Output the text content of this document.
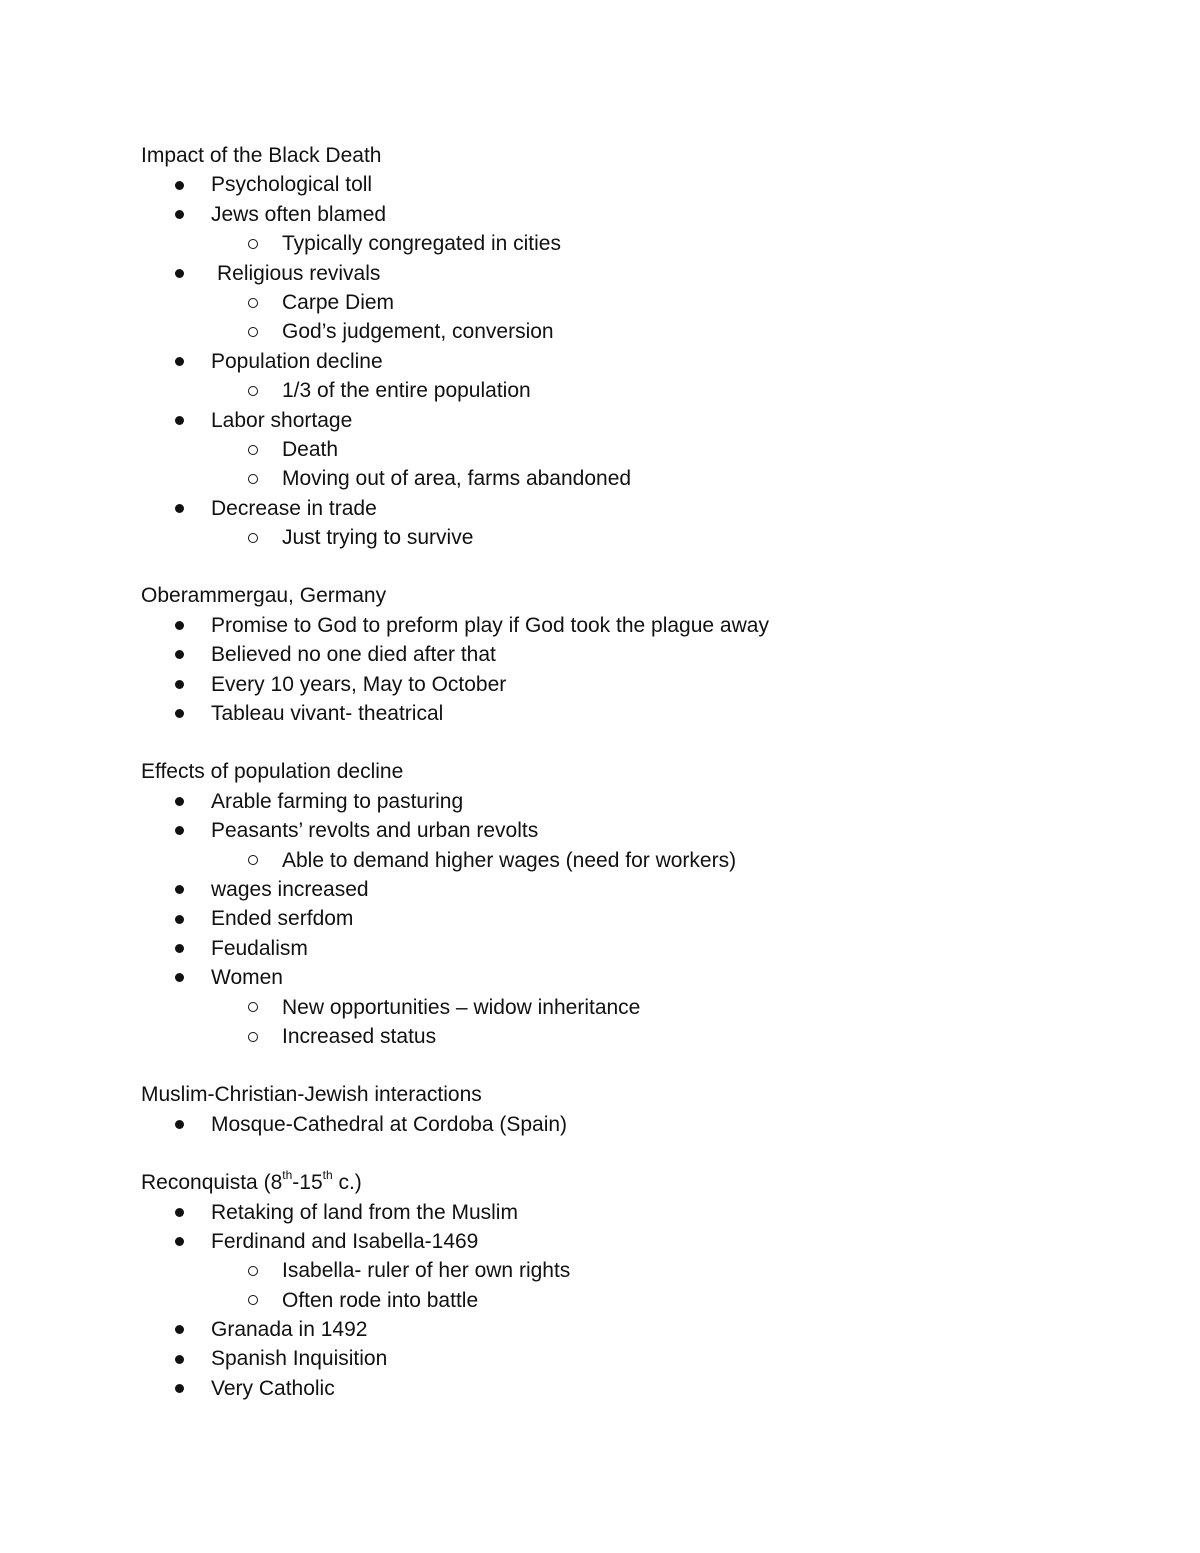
Impact of the Black Death
Psychological toll
Jews often blamed
Typically congregated in cities
Religious revivals
Carpe Diem
God’s judgement, conversion
Population decline
1/3 of the entire population
Labor shortage
Death
Moving out of area, farms abandoned
Decrease in trade
Just trying to survive
Oberammergau, Germany
Promise to God to preform play if God took the plague away
Believed no one died after that
Every 10 years, May to October
Tableau vivant- theatrical
Effects of population decline
Arable farming to pasturing
Peasants’ revolts and urban revolts
Able to demand higher wages (need for workers)
wages increased
Ended serfdom
Feudalism
Women
New opportunities – widow inheritance
Increased status
Muslim-Christian-Jewish interactions
Mosque-Cathedral at Cordoba (Spain)
Reconquista (8th-15th c.)
Retaking of land from the Muslim
Ferdinand and Isabella-1469
Isabella- ruler of her own rights
Often rode into battle
Granada in 1492
Spanish Inquisition
Very Catholic
